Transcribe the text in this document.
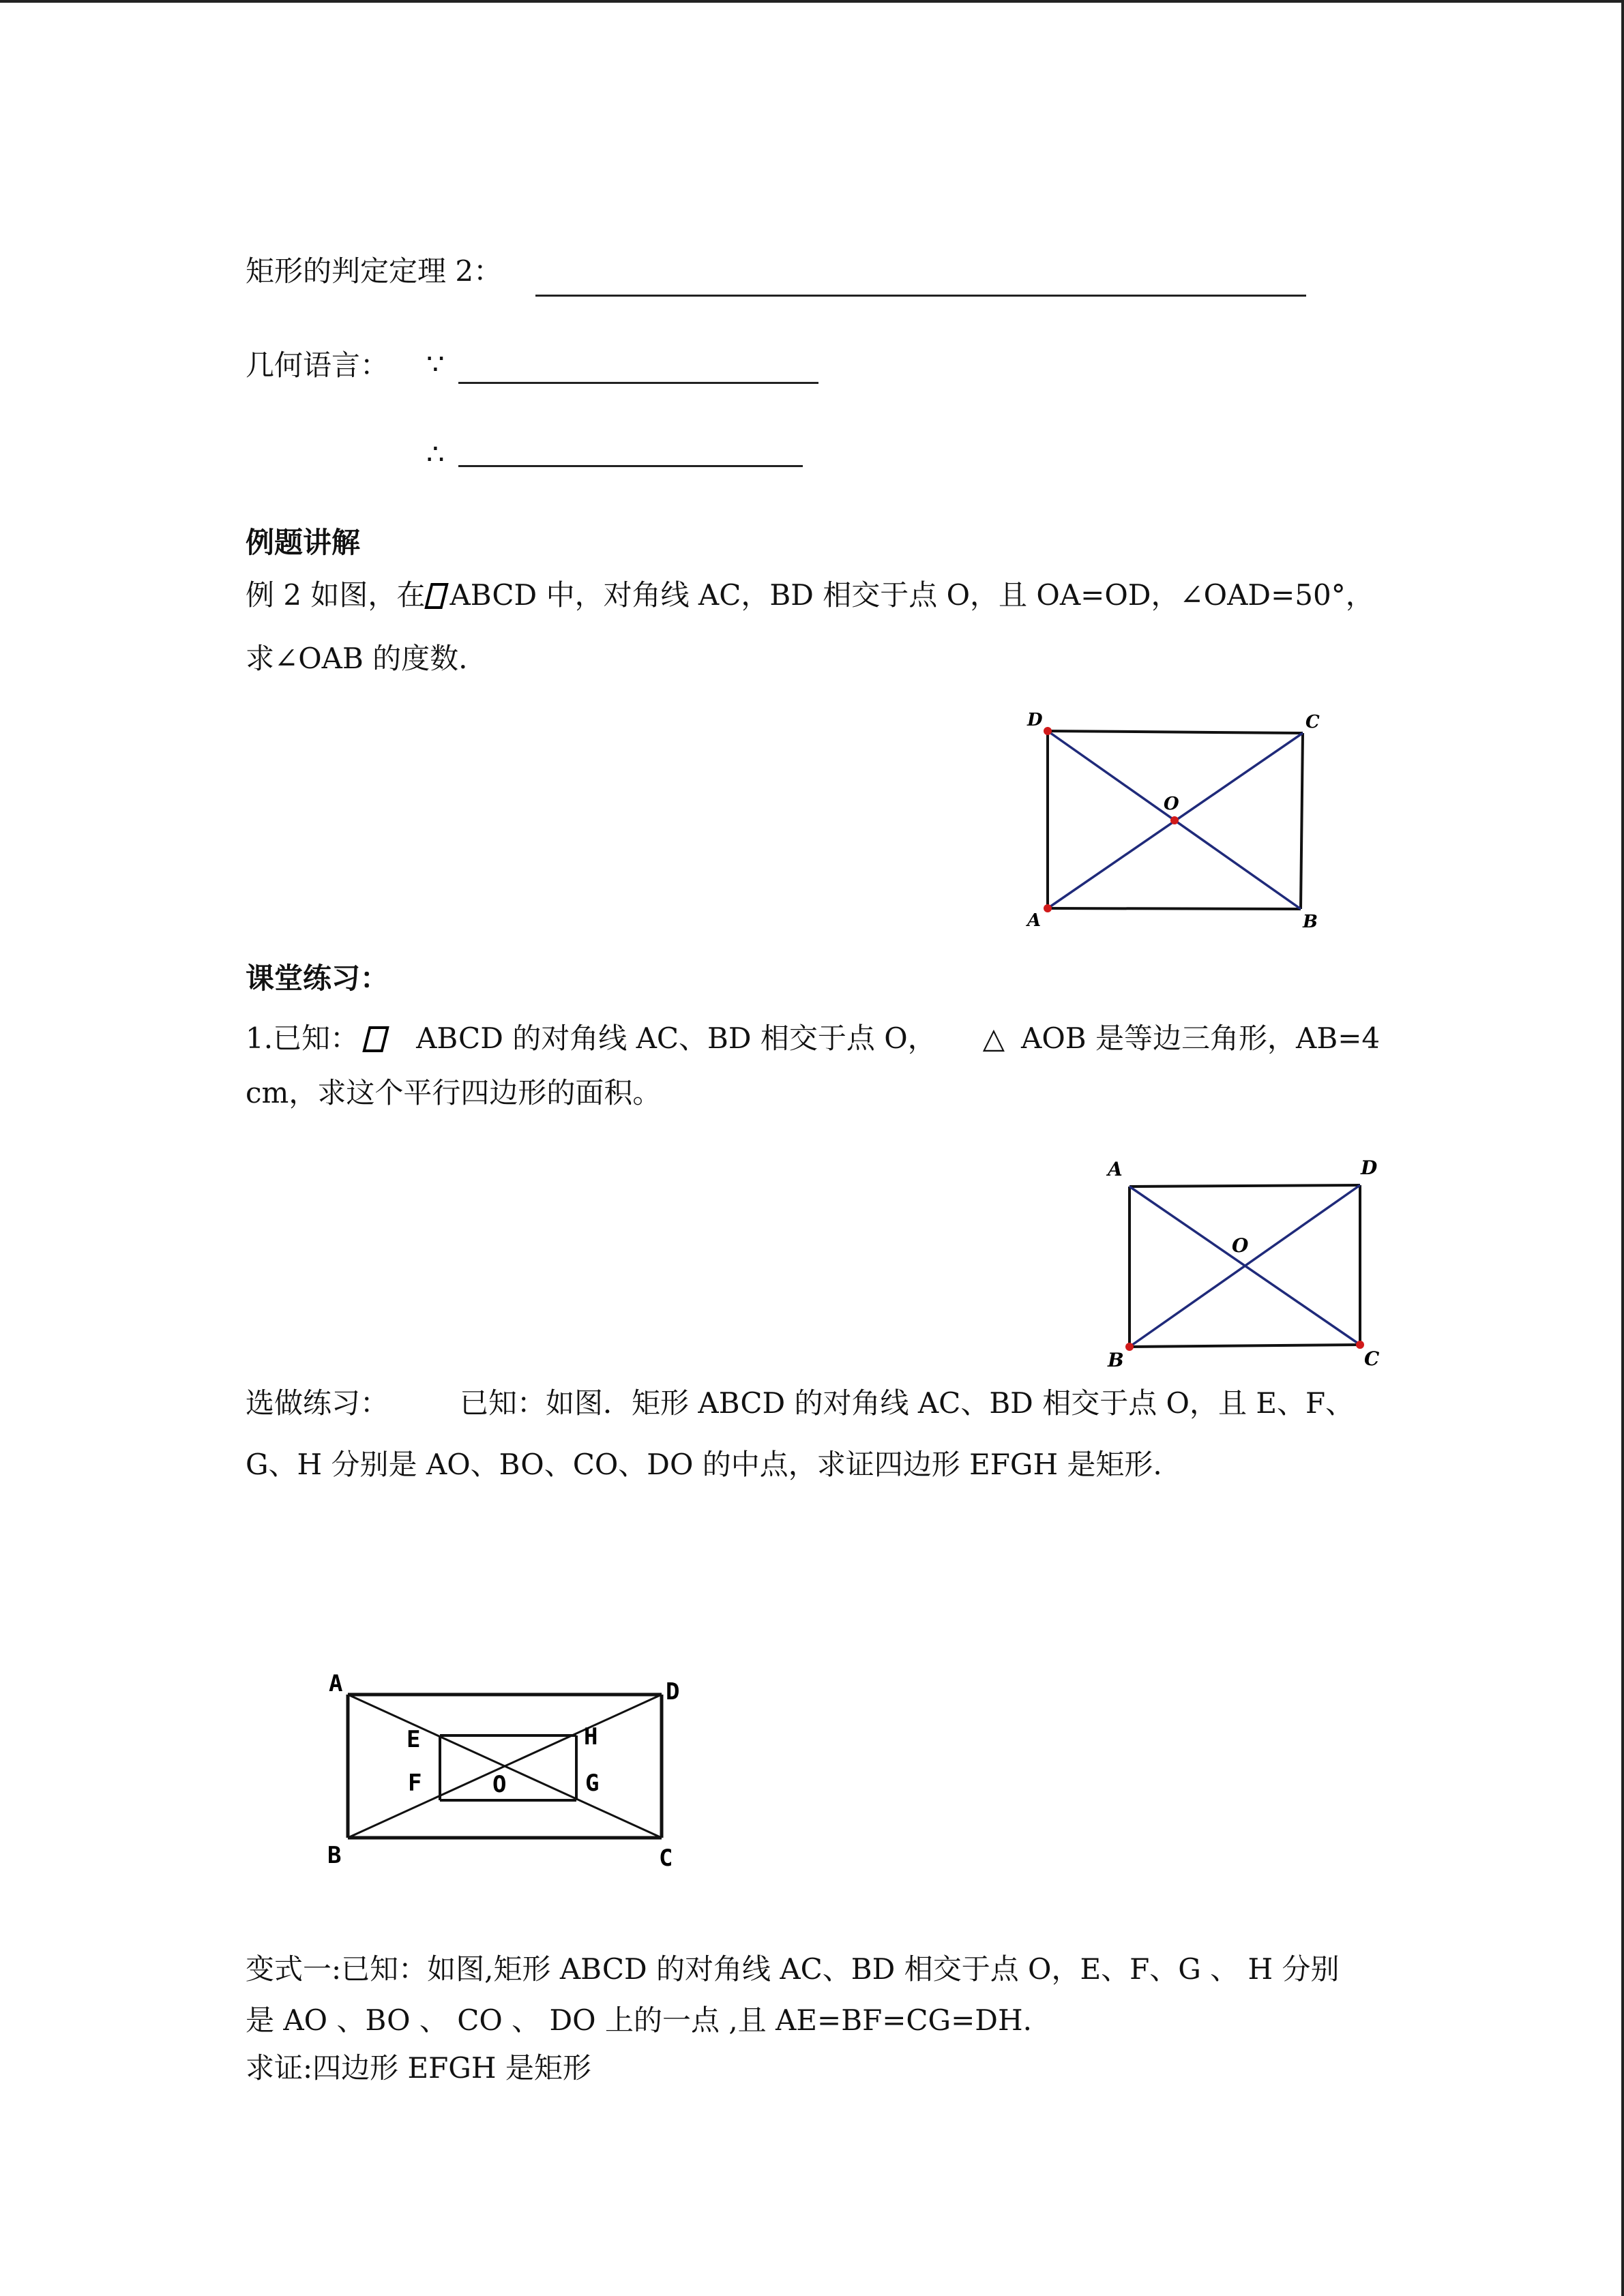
矩形的判定定理 2：
几何语言： ∵
∴
例题讲解
例 2 如图，在 ABCD 中，对角线 AC，BD 相交于点 O，且 OA=OD，∠OAD=50°，
求∠OAB 的度数.
D	C
O
A	B
课堂练习：
1.已知： ABCD 的对角线 AC、BD 相交于点 O， △ AOB 是等边三角形，AB=4
cm，求这个平行四边形的面积。
A	D
O
B	C
选做练习： 已知：如图．矩形 ABCD 的对角线 AC、BD 相交于点 O，且 E、F、
G、H 分别是 AO、BO、CO、DO 的中点，求证四边形 EFGH 是矩形.
A	D
E	H
F	O	G
B	C
变式一:已知：如图,矩形 ABCD 的对角线 AC、BD 相交于点 O，E、F、G 、 H 分别
是 AO 、BO 、 CO 、 DO 上的一点 ,且 AE=BF=CG=DH.
求证:四边形 EFGH 是矩形
